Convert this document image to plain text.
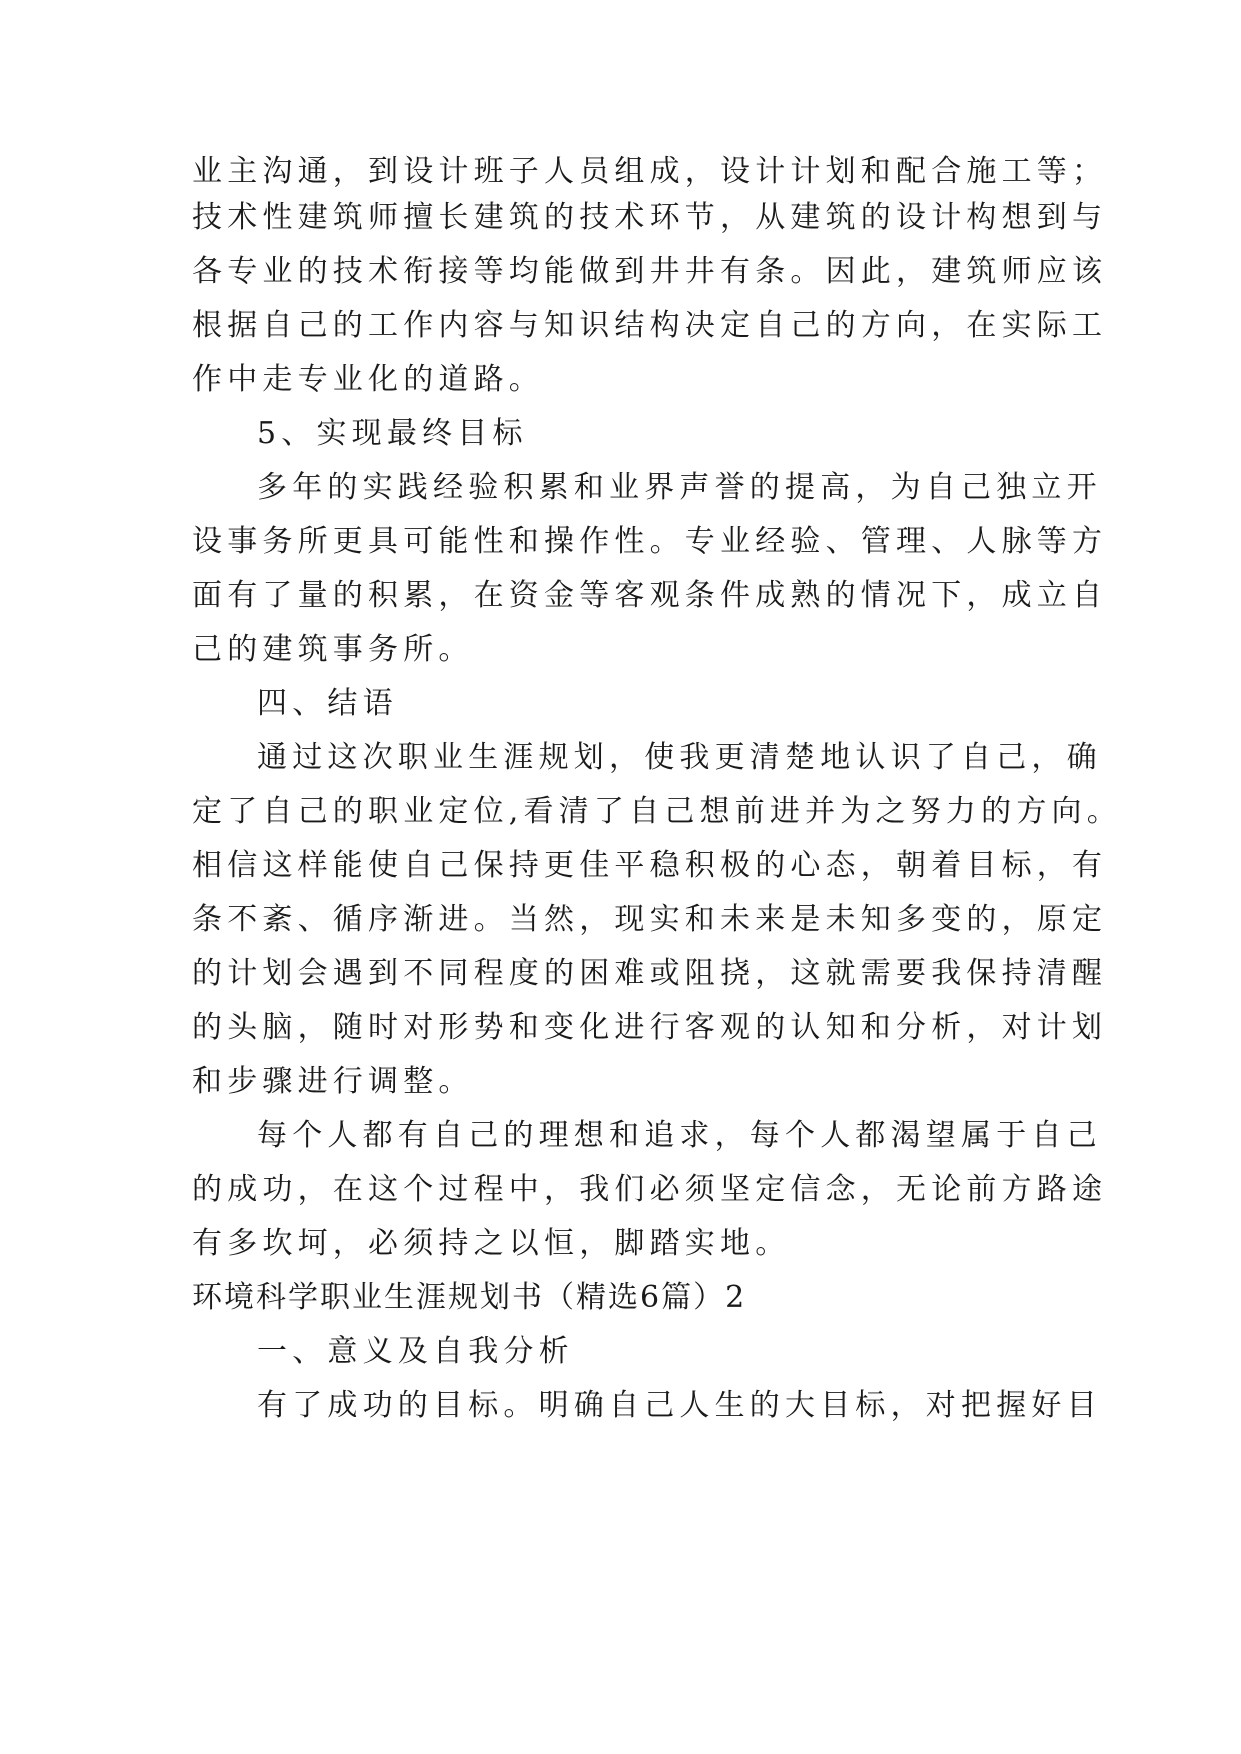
业主沟通，到设计班子人员组成，设计计划和配合施工等；
技术性建筑师擅长建筑的技术环节，从建筑的设计构想到与
各专业的技术衔接等均能做到井井有条。因此，建筑师应该
根据自己的工作内容与知识结构决定自己的方向，在实际工
作中走专业化的道路。
5、实现最终目标
多年的实践经验积累和业界声誉的提高，为自己独立开
设事务所更具可能性和操作性。专业经验、管理、人脉等方
面有了量的积累，在资金等客观条件成熟的情况下，成立自
己的建筑事务所。
四、结语
通过这次职业生涯规划，使我更清楚地认识了自己，确
定了自己的职业定位,看清了自己想前进并为之努力的方向。
相信这样能使自己保持更佳平稳积极的心态，朝着目标，有
条不紊、循序渐进。当然，现实和未来是未知多变的，原定
的计划会遇到不同程度的困难或阻挠，这就需要我保持清醒
的头脑，随时对形势和变化进行客观的认知和分析，对计划
和步骤进行调整。
每个人都有自己的理想和追求，每个人都渴望属于自己
的成功，在这个过程中，我们必须坚定信念，无论前方路途
有多坎坷，必须持之以恒，脚踏实地。
环境科学职业生涯规划书（精选6篇）2
一、意义及自我分析
有了成功的目标。明确自己人生的大目标，对把握好目
